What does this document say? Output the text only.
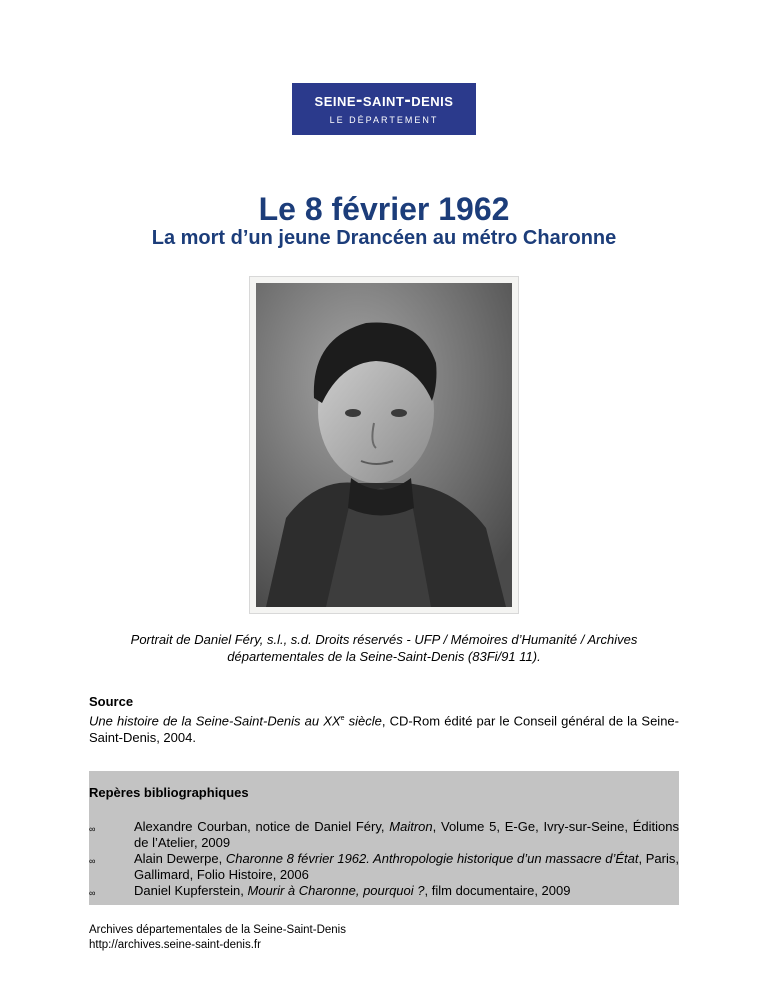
seine-saint-denis
LE DÉPARTEMENT
Le 8 février 1962
La mort d’un jeune Drancéen au métro Charonne

Portrait de Daniel Féry, s.l., s.d. Droits réservés - UFP / Mémoires d’Humanité / Archives
départementales de la Seine-Saint-Denis (83Fi/91 11).

Source
Une histoire de la Seine-Saint-Denis au XXe siècle, CD-Rom édité par le Conseil général de la Seine-Saint-Denis, 2004.
Repères bibliographiques
∞	Alexandre Courban, notice de Daniel Féry, Maitron, Volume 5, E-Ge, Ivry-sur-Seine, Éditions de l’Atelier, 2009
∞	Alain Dewerpe, Charonne 8 février 1962. Anthropologie historique d’un massacre d’État, Paris, Gallimard, Folio Histoire, 2006
∞	Daniel Kupferstein, Mourir à Charonne, pourquoi ?, film documentaire, 2009
Archives départementales de la Seine-Saint-Denis
http://archives.seine-saint-denis.fr
